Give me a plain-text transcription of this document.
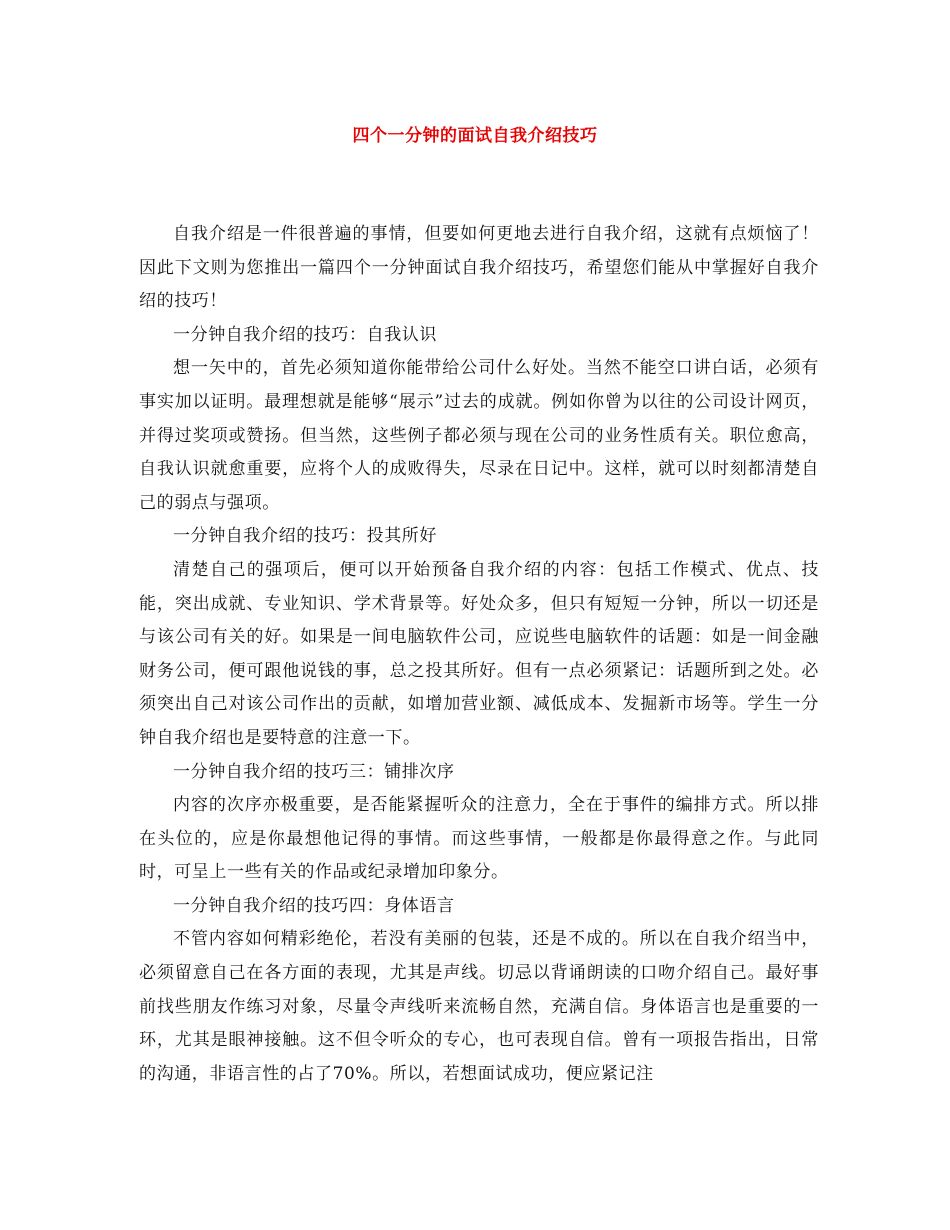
四个一分钟的面试自我介绍技巧

自我介绍是一件很普遍的事情，但要如何更地去进行自我介绍，这就有点烦恼了！因此下文则为您推出一篇四个一分钟面试自我介绍技巧，希望您们能从中掌握好自我介绍的技巧！

一分钟自我介绍的技巧：自我认识

想一矢中的，首先必须知道你能带给公司什么好处。当然不能空口讲白话，必须有事实加以证明。最理想就是能够“展示”过去的成就。例如你曾为以往的公司设计网页，并得过奖项或赞扬。但当然，这些例子都必须与现在公司的业务性质有关。职位愈高，自我认识就愈重要，应将个人的成败得失，尽录在日记中。这样，就可以时刻都清楚自己的弱点与强项。

一分钟自我介绍的技巧：投其所好

清楚自己的强项后，便可以开始预备自我介绍的内容：包括工作模式、优点、技能，突出成就、专业知识、学术背景等。好处众多，但只有短短一分钟，所以一切还是与该公司有关的好。如果是一间电脑软件公司，应说些电脑软件的话题：如是一间金融财务公司，便可跟他说钱的事，总之投其所好。但有一点必须紧记：话题所到之处。必须突出自己对该公司作出的贡献，如增加营业额、减低成本、发掘新市场等。学生一分钟自我介绍也是要特意的注意一下。

一分钟自我介绍的技巧三：铺排次序

内容的次序亦极重要，是否能紧握听众的注意力，全在于事件的编排方式。所以排在头位的，应是你最想他记得的事情。而这些事情，一般都是你最得意之作。与此同时，可呈上一些有关的作品或纪录增加印象分。

一分钟自我介绍的技巧四：身体语言

不管内容如何精彩绝伦，若没有美丽的包装，还是不成的。所以在自我介绍当中，必须留意自己在各方面的表现，尤其是声线。切忌以背诵朗读的口吻介绍自己。最好事前找些朋友作练习对象，尽量令声线听来流畅自然，充满自信。身体语言也是重要的一环，尤其是眼神接触。这不但令听众的专心，也可表现自信。曾有一项报告指出，日常的沟通，非语言性的占了70%。所以，若想面试成功，便应紧记注
